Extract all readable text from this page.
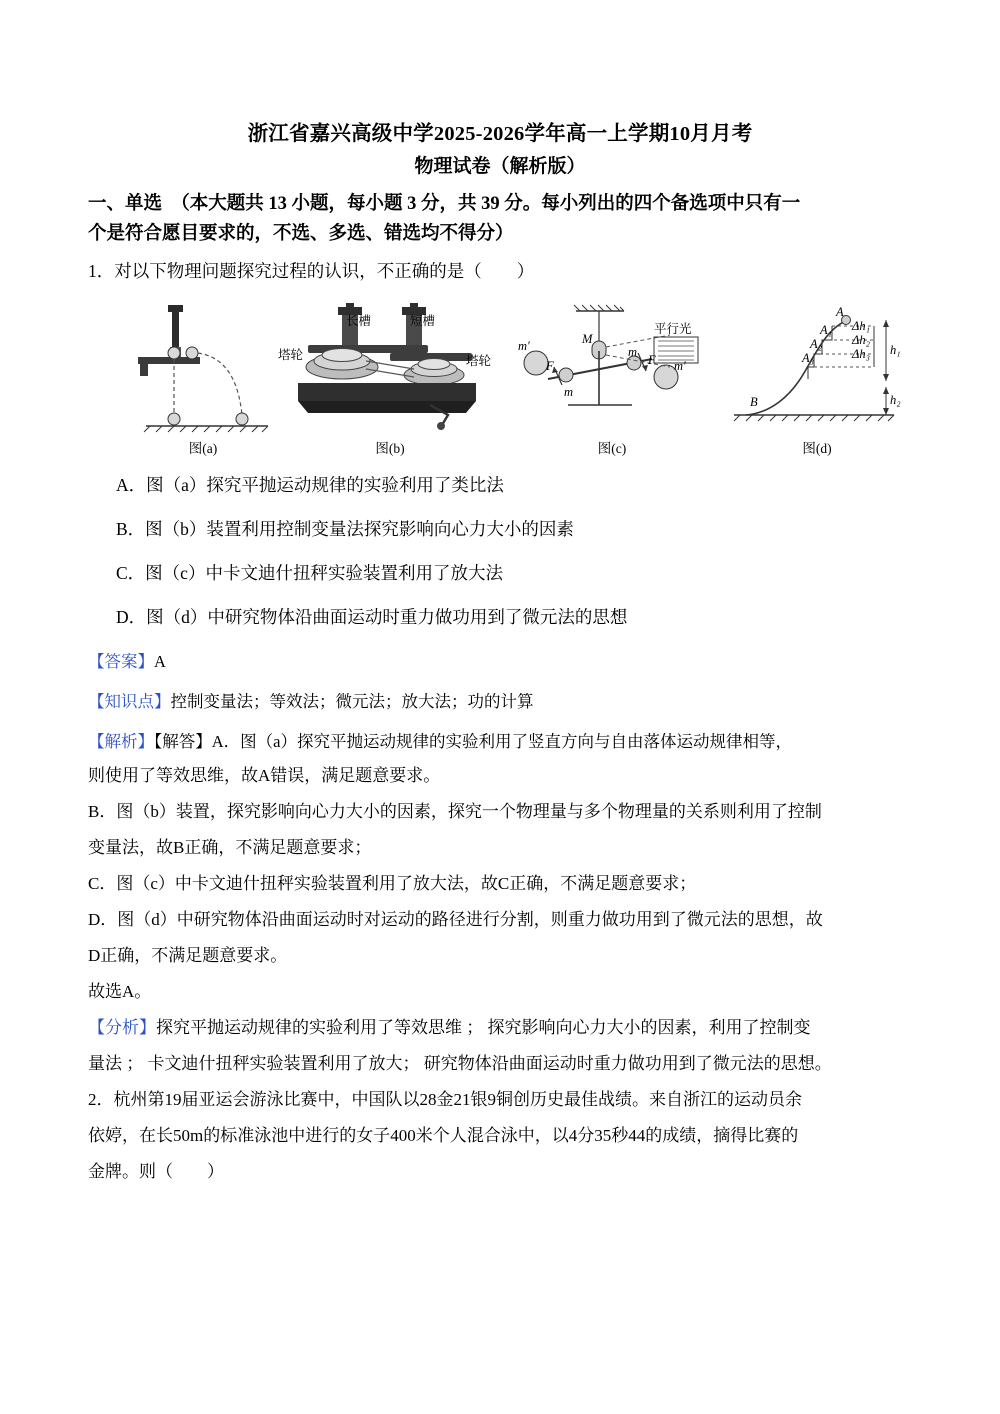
浙江省嘉兴高级中学2025-2026学年高一上学期10月月考
物理试卷（解析版）
一、单选　（本大题共 13 小题，每小题 3 分，共 39 分。每小列出的四个备选项中只有一
个是符合愿目要求的，不选、多选、错选均不得分）
1．对以下物理问题探究过程的认识，不正确的是（　　）
图(a)
塔轮
长槽	短槽
塔轮
图(b)
M
m
m'
F	F m'
平行光
m
图(c)
A
A₁
A₂
A₃
B
Δh₁
Δh₂
Δh₃ h₁
h₂
图(d)
A．图（a）探究平抛运动规律的实验利用了类比法
B．图（b）装置利用控制变量法探究影响向心力大小的因素
C．图（c）中卡文迪什扭秤实验装置利用了放大法
D．图（d）中研究物体沿曲面运动时重力做功用到了微元法的思想
【答案】A
【知识点】控制变量法；等效法；微元法；放大法；功的计算
【解析】【解答】A．图（a）探究平抛运动规律的实验利用了竖直方向与自由落体运动规律相等，
则使用了等效思维，故A错误，满足题意要求。
B．图（b）装置，探究影响向心力大小的因素，探究一个物理量与多个物理量的关系则利用了控制
变量法，故B正确，不满足题意要求；
C．图（c）中卡文迪什扭秤实验装置利用了放大法，故C正确，不满足题意要求；
D．图（d）中研究物体沿曲面运动时对运动的路径进行分割，则重力做功用到了微元法的思想，故
D正确，不满足题意要求。
故选A。
【分析】探究平抛运动规律的实验利用了等效思维 ； 探究影响向心力大小的因素，利用了控制变
量法 ； 卡文迪什扭秤实验装置利用了放大； 研究物体沿曲面运动时重力做功用到了微元法的思想。
2．杭州第19届亚运会游泳比赛中，中国队以28金21银9铜创历史最佳战绩。来自浙江的运动员余
依婷，在长50m的标准泳池中进行的女子400米个人混合泳中，以4分35秒44的成绩，摘得比赛的
金牌。则（　　）
